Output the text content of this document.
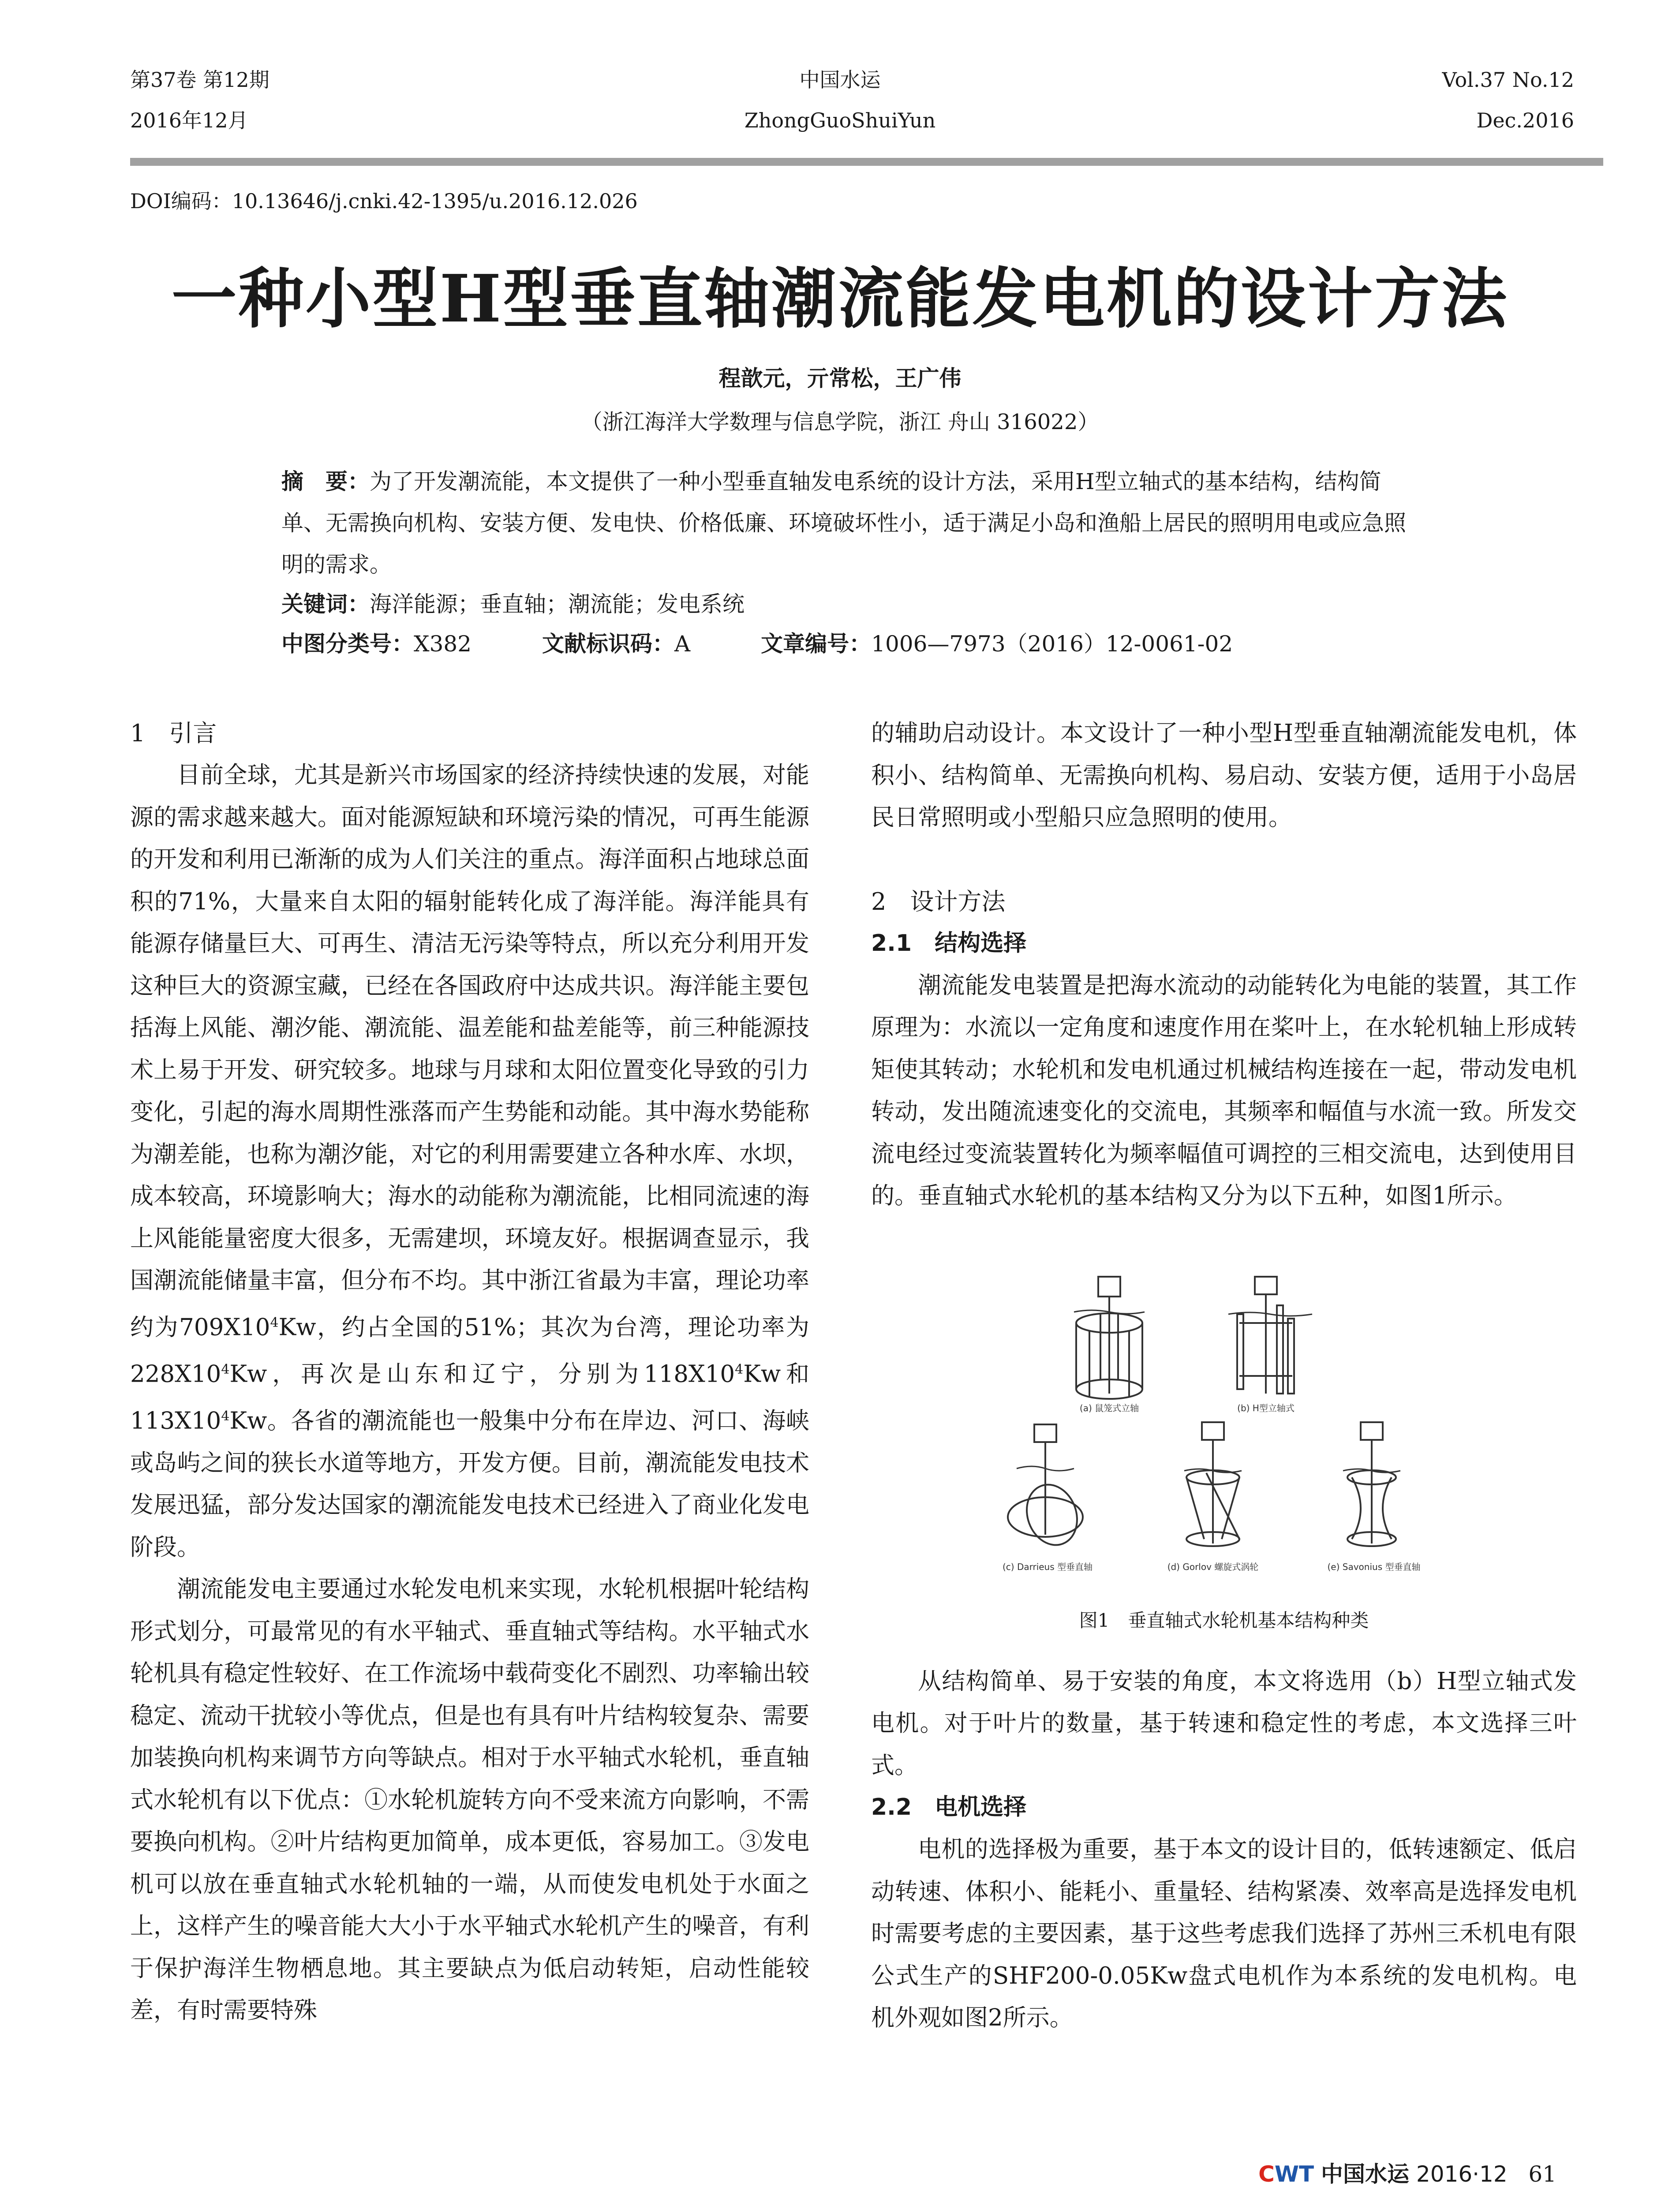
第37卷 第12期
2016年12月
中国水运
ZhongGuoShuiYun
Vol.37 No.12
Dec.2016
DOI编码：10.13646/j.cnki.42-1395/u.2016.12.026
一种小型H型垂直轴潮流能发电机的设计方法
程歆元，亓常松，王广伟
（浙江海洋大学数理与信息学院，浙江 舟山 316022）
摘　要：为了开发潮流能，本文提供了一种小型垂直轴发电系统的设计方法，采用H型立轴式的基本结构，结构简单、无需换向机构、安装方便、发电快、价格低廉、环境破坏性小，适于满足小岛和渔船上居民的照明用电或应急照明的需求。
关键词：海洋能源；垂直轴；潮流能；发电系统
中图分类号：X382	文献标识码：A	文章编号：1006—7973（2016）12-0061-02

1　引言

目前全球，尤其是新兴市场国家的经济持续快速的发展，对能源的需求越来越大。面对能源短缺和环境污染的情况，可再生能源的开发和利用已渐渐的成为人们关注的重点。海洋面积占地球总面积的71%，大量来自太阳的辐射能转化成了海洋能。海洋能具有能源存储量巨大、可再生、清洁无污染等特点，所以充分利用开发这种巨大的资源宝藏，已经在各国政府中达成共识。海洋能主要包括海上风能、潮汐能、潮流能、温差能和盐差能等，前三种能源技术上易于开发、研究较多。地球与月球和太阳位置变化导致的引力变化，引起的海水周期性涨落而产生势能和动能。其中海水势能称为潮差能，也称为潮汐能，对它的利用需要建立各种水库、水坝，成本较高，环境影响大；海水的动能称为潮流能，比相同流速的海上风能能量密度大很多，无需建坝，环境友好。根据调查显示，我国潮流能储量丰富，但分布不均。其中浙江省最为丰富，理论功率约为$709X10^4Kw$，约占全国的51%；其次为台湾，理论功率为$228X10^4Kw$，再次是山东和辽宁，分别为$118X10^4Kw$和$113X10^4Kw$。各省的潮流能也一般集中分布在岸边、河口、海峡或岛屿之间的狭长水道等地方，开发方便。目前，潮流能发电技术发展迅猛，部分发达国家的潮流能发电技术已经进入了商业化发电阶段。

潮流能发电主要通过水轮发电机来实现，水轮机根据叶轮结构形式划分，可最常见的有水平轴式、垂直轴式等结构。水平轴式水轮机具有稳定性较好、在工作流场中载荷变化不剧烈、功率输出较稳定、流动干扰较小等优点，但是也有具有叶片结构较复杂、需要加装换向机构来调节方向等缺点。相对于水平轴式水轮机，垂直轴式水轮机有以下优点：①水轮机旋转方向不受来流方向影响，不需要换向机构。②叶片结构更加简单，成本更低，容易加工。③发电机可以放在垂直轴式水轮机轴的一端，从而使发电机处于水面之上，这样产生的噪音能大大小于水平轴式水轮机产生的噪音，有利于保护海洋生物栖息地。其主要缺点为低启动转矩，启动性能较差，有时需要特殊

的辅助启动设计。本文设计了一种小型H型垂直轴潮流能发电机，体积小、结构简单、无需换向机构、易启动、安装方便，适用于小岛居民日常照明或小型船只应急照明的使用。

2　设计方法

2.1　结构选择

潮流能发电装置是把海水流动的动能转化为电能的装置，其工作原理为：水流以一定角度和速度作用在桨叶上，在水轮机轴上形成转矩使其转动；水轮机和发电机通过机械结构连接在一起，带动发电机转动，发出随流速变化的交流电，其频率和幅值与水流一致。所发交流电经过变流装置转化为频率幅值可调控的三相交流电，达到使用目的。垂直轴式水轮机的基本结构又分为以下五种，如图1所示。

从结构简单、易于安装的角度，本文将选用（b）H型立轴式发电机。对于叶片的数量，基于转速和稳定性的考虑，本文选择三叶式。

2.2　电机选择

电机的选择极为重要，基于本文的设计目的，低转速额定、低启动转速、体积小、能耗小、重量轻、结构紧凑、效率高是选择发电机时需要考虑的主要因素，基于这些考虑我们选择了苏州三禾机电有限公式生产的SHF200-0.05Kw盘式电机作为本系统的发电机构。电机外观如图2所示。

(a) 鼠笼式立轴	(b) H型立轴式
(c) Darrieus 型垂直轴	(d) Gorlov 螺旋式涡轮	(e) Savonius 型垂直轴
图1　垂直轴式水轮机基本结构种类
CWT 中国水运 2016·12 61
